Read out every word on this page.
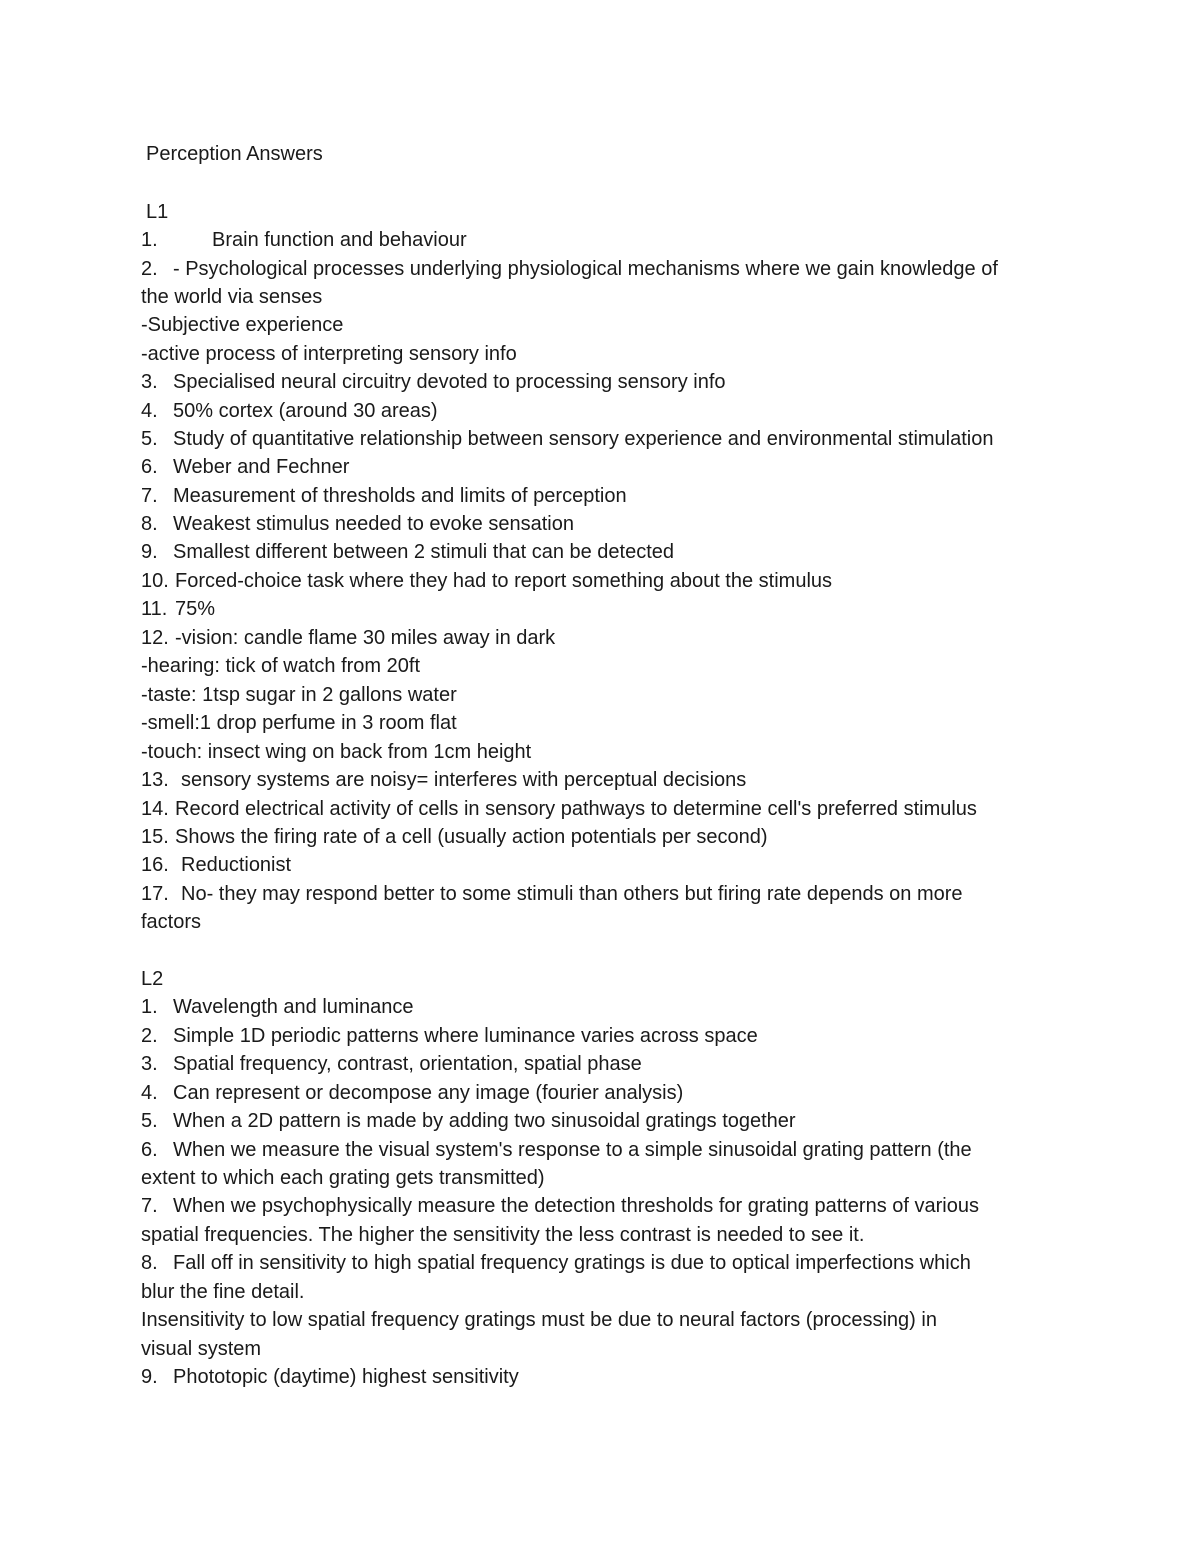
Perception Answers
L1
1.	Brain function and behaviour
2. - Psychological processes underlying physiological mechanisms where we gain knowledge of
the world via senses
-Subjective experience
-active process of interpreting sensory info
3. Specialised neural circuitry devoted to processing sensory info
4. 50% cortex (around 30 areas)
5. Study of quantitative relationship between sensory experience and environmental stimulation
6. Weber and Fechner
7. Measurement of thresholds and limits of perception
8. Weakest stimulus needed to evoke sensation
9. Smallest different between 2 stimuli that can be detected
10. Forced-choice task where they had to report something about the stimulus
11. 75%
12. -vision: candle flame 30 miles away in dark
-hearing: tick of watch from 20ft
-taste: 1tsp sugar in 2 gallons water
-smell:1 drop perfume in 3 room flat
-touch: insect wing on back from 1cm height
13. sensory systems are noisy= interferes with perceptual decisions
14. Record electrical activity of cells in sensory pathways to determine cell's preferred stimulus
15. Shows the firing rate of a cell (usually action potentials per second)
16. Reductionist
17. No- they may respond better to some stimuli than others but firing rate depends on more
factors
L2
1. Wavelength and luminance
2. Simple 1D periodic patterns where luminance varies across space
3. Spatial frequency, contrast, orientation, spatial phase
4. Can represent or decompose any image (fourier analysis)
5. When a 2D pattern is made by adding two sinusoidal gratings together
6. When we measure the visual system's response to a simple sinusoidal grating pattern (the
extent to which each grating gets transmitted)
7. When we psychophysically measure the detection thresholds for grating patterns of various
spatial frequencies. The higher the sensitivity the less contrast is needed to see it.
8. Fall off in sensitivity to high spatial frequency gratings is due to optical imperfections which
blur the fine detail.
Insensitivity to low spatial frequency gratings must be due to neural factors (processing) in
visual system
9. Phototopic (daytime) highest sensitivity
